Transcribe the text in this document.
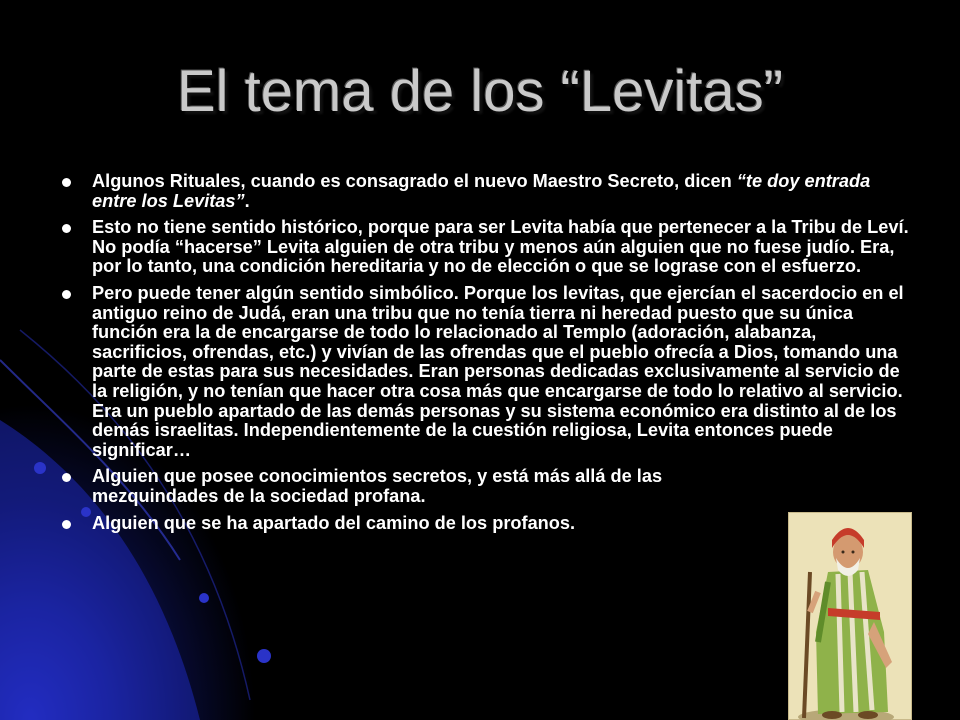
El tema de los “Levitas”
Algunos Rituales, cuando es consagrado el nuevo Maestro Secreto, dicen “te doy entrada entre los Levitas”.
Esto no tiene sentido histórico, porque para ser Levita había que pertenecer a la Tribu de Leví. No podía “hacerse” Levita alguien de otra tribu y menos aún alguien que no fuese judío. Era, por lo tanto, una condición hereditaria y no de elección o que se lograse con el esfuerzo.
Pero puede tener algún sentido simbólico. Porque los levitas, que ejercían el sacerdocio en el antiguo reino de Judá, eran una tribu que no tenía tierra ni heredad puesto que su única función era la de encargarse de todo lo relacionado al Templo (adoración, alabanza, sacrificios, ofrendas, etc.) y vivían de las ofrendas que el pueblo ofrecía a Dios, tomando una parte de estas para sus necesidades. Eran personas dedicadas exclusivamente al servicio de la religión, y no tenían que hacer otra cosa más que encargarse de todo lo relativo al servicio. Era un pueblo apartado de las demás personas y su sistema económico era distinto al de los demás israelitas. Independientemente de la cuestión religiosa, Levita entonces puede significar…
Alguien que posee conocimientos secretos, y está más allá de las mezquindades de la sociedad profana.
Alguien que se ha apartado del camino de los profanos.
